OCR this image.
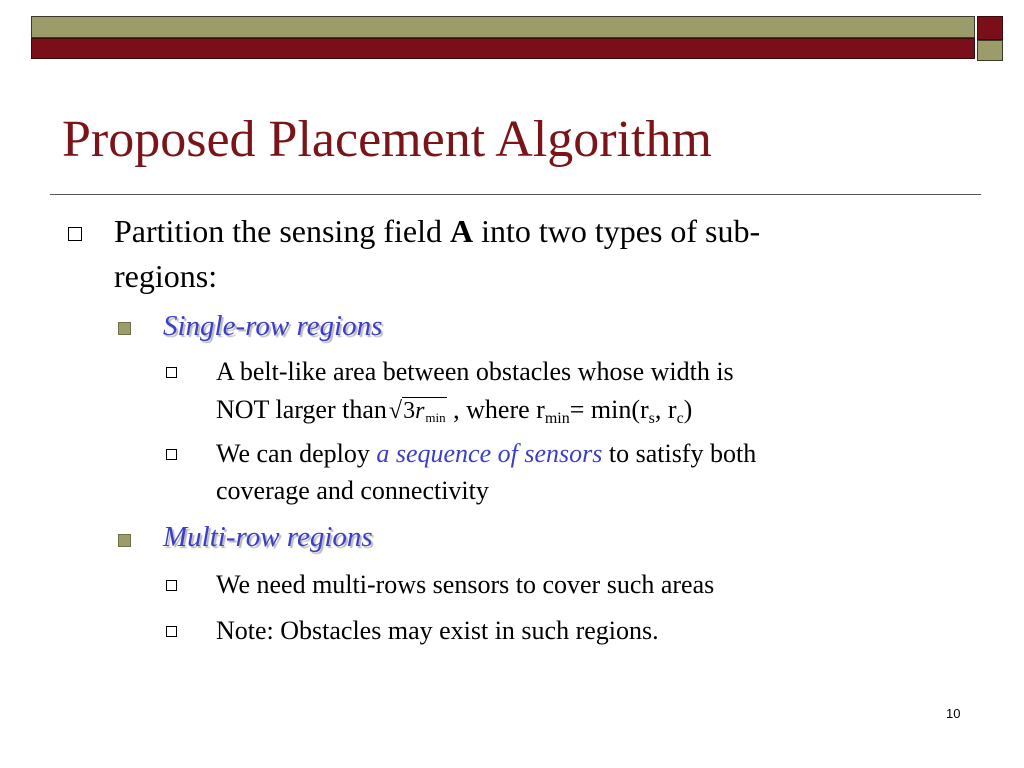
Proposed Placement Algorithm
Partition the sensing field A into two types of sub-
regions:
Single-row regions
A belt-like area between obstacles whose width is
NOT larger than√3rmin , where $r_{min}= \min(r_s$, $r_c$)
We can deploy a sequence of sensors to satisfy both
coverage and connectivity
Multi-row regions
We need multi-rows sensors to cover such areas
Note: Obstacles may exist in such regions.
10
